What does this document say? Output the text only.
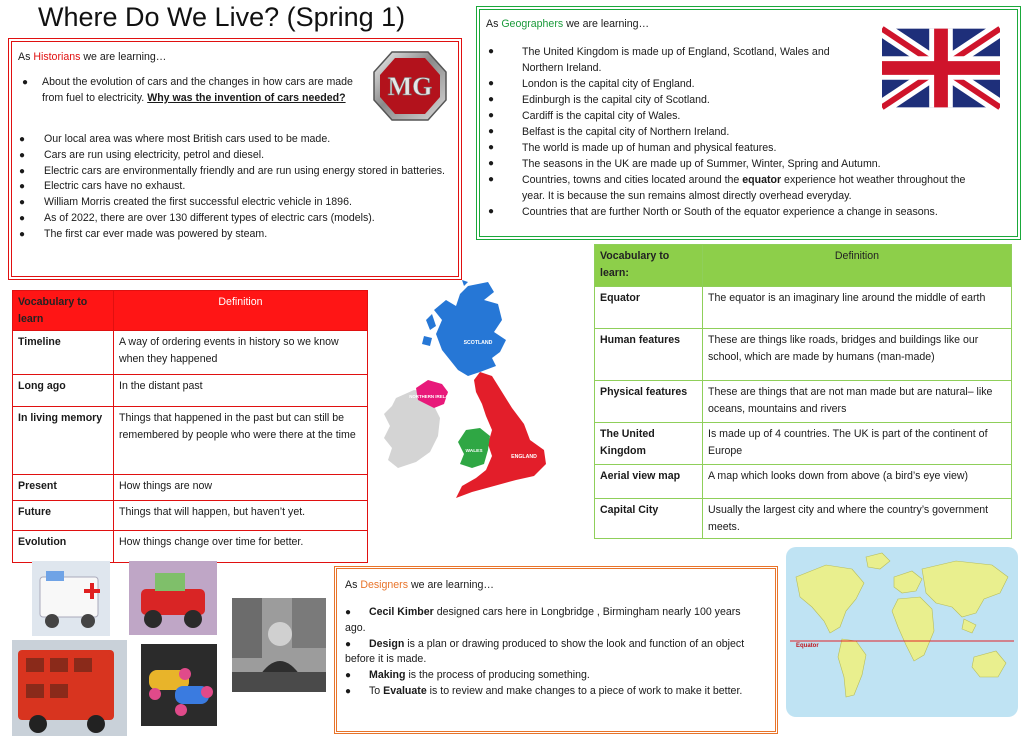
Where Do We Live? (Spring 1)
As Historians we are learning…
MG
● About the evolution of cars and the changes in how cars are made from fuel to electricity. Why was the invention of cars needed?
● Our local area was where most British cars used to be made.
● Cars are run using electricity, petrol and diesel.
● Electric cars are environmentally friendly and are run using energy stored in batteries.
● Electric cars have no exhaust.
● William Morris created the first successful electric vehicle in 1896.
● As of 2022, there are over 130 different types of electric cars (models).
● The first car ever made was powered by steam.
As Geographers we are learning…
●	The United Kingdom is made up of England, Scotland, Wales and Northern Ireland.
●	London is the capital city of England.
●	Edinburgh is the capital city of Scotland.
●	Cardiff is the capital city of Wales.
●	Belfast is the capital city of Northern Ireland.
●	The world is made up of human and physical features.
●	The seasons in the UK are made up of Summer, Winter, Spring and Autumn.
●	Countries, towns and cities located around the equator experience hot weather throughout the year. It is because the sun remains almost directly overhead everyday.
●	Countries that are further North or South of the equator experience a change in seasons.
Vocabulary to learn	Definition
Timeline	A way of ordering events in history so we know when they happened
Long ago	In the distant past
In living memory	Things that happened in the past but can still be remembered by people who were there at the time
Present	How things are now
Future	Things that will happen, but haven’t yet.
Evolution	How things change over time for better.
SCOTLAND
NORTHERN IRELAND
ENGLAND
WALES
Vocabulary to learn:	Definition
Equator	The equator is an imaginary line around the middle of earth
Human features	These are things like roads, bridges and buildings like our school, which are made by humans (man-made)
Physical features	These are things that are not man made but are natural– like oceans, mountains and rivers
The United Kingdom	Is made up of 4 countries. The UK is part of the continent of Europe
Aerial view map	A map which looks down from above (a bird’s eye view)
Capital City	Usually the largest city and where the country’s government meets.
As Designers we are learning…
● Cecil Kimber designed cars here in Longbridge , Birmingham nearly 100 years ago.
● Design is a plan or drawing produced to show the look and function of an object before it is made.
● Making is the process of producing something.
● To Evaluate is to review and make changes to a piece of work to make it better.
Equator
